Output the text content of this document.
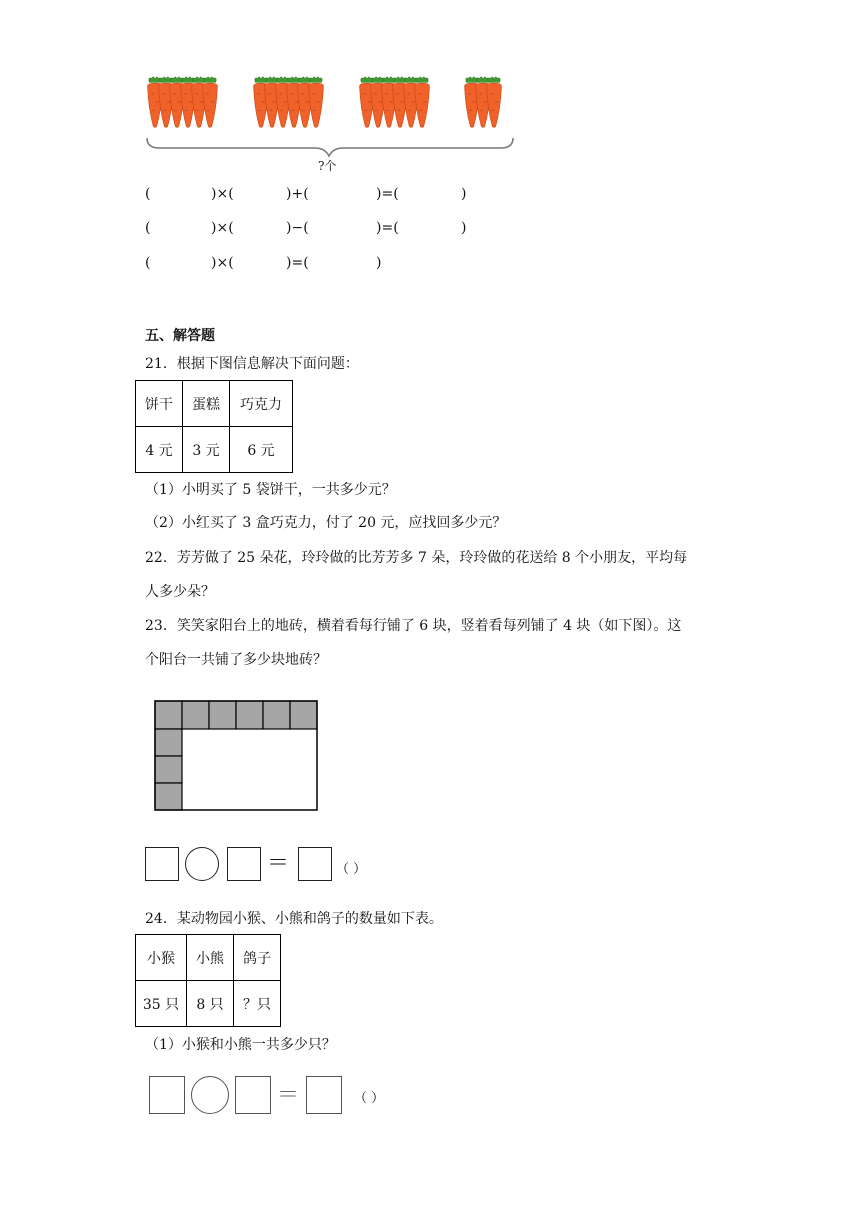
?个
(	)×(	)+(	)=(	)
(	)×(	)−(	)=(	)
(	)×(	)=(	)
五、解答题
21．根据下图信息解决下面问题：
饼干	蛋糕	巧克力
4 元	3 元	6 元
（1）小明买了 5 袋饼干，一共多少元？
（2）小红买了 3 盒巧克力，付了 20 元，应找回多少元？
22．芳芳做了 25 朵花，玲玲做的比芳芳多 7 朵，玲玲做的花送给 8 个小朋友，平均每
人多少朵？
23．笑笑家阳台上的地砖，横着看每行铺了 6 块，竖着看每列铺了 4 块（如下图）。这
个阳台一共铺了多少块地砖？
＝	（ ）
24．某动物园小猴、小熊和鸽子的数量如下表。
小猴	小熊	鸽子
35 只	8 只	？只
（1）小猴和小熊一共多少只？
＝	（ ）
